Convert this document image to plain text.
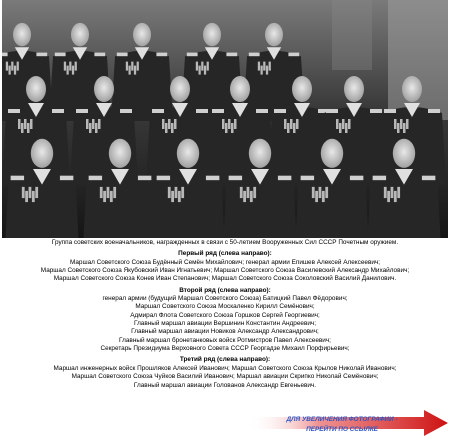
Группа советских военачальников, награжденных в связи с 50-летием Вооруженных Сил СССР Почетным оружием.
Первый ряд (слева направо):
Маршал Советского Союза Будённый Семён Михайлович; генерал армии Епишев Алексей Алексеевич;
Маршал Советского Союза Якубовский Иван Игнатьевич; Маршал Советского Союза Василевский Александр Михайлович;
Маршал Советского Союза Конев Иван Степанович; Маршал Советского Союза Соколовский Василий Данилович.
Второй ряд (слева направо):
генерал армии (будущий Маршал Советского Союза) Батицкий Павел Фёдорович;
Маршал Советского Союза Москаленко Кирилл Семёнович;
Адмирал Флота Советского Союза Горшков Сергей Георгиевич;
Главный маршал авиации Вершинин Константин Андреевич;
Главный маршал авиации Новиков Александр Александрович;
Главный маршал бронетанковых войск Ротмистров Павел Алексеевич;
Секретарь Президиума Верховного Совета СССР Георгадзе Михаил Порфирьевич;
Третий ряд (слева направо):
Маршал инженерных войск Прошляков Алексей Иванович; Маршал Советского Союза Крылов Николай Иванович;
Маршал Советского Союза Чуйков Василий Иванович; Маршал авиации Скрипко Николай Семёнович;
Главный маршал авиации Голованов Александр Евгеньевич.
ДЛЯ УВЕЛИЧЕНИЯ ФОТОГРАФИИ -
ПЕРЕЙТИ ПО ССЫЛКЕ
